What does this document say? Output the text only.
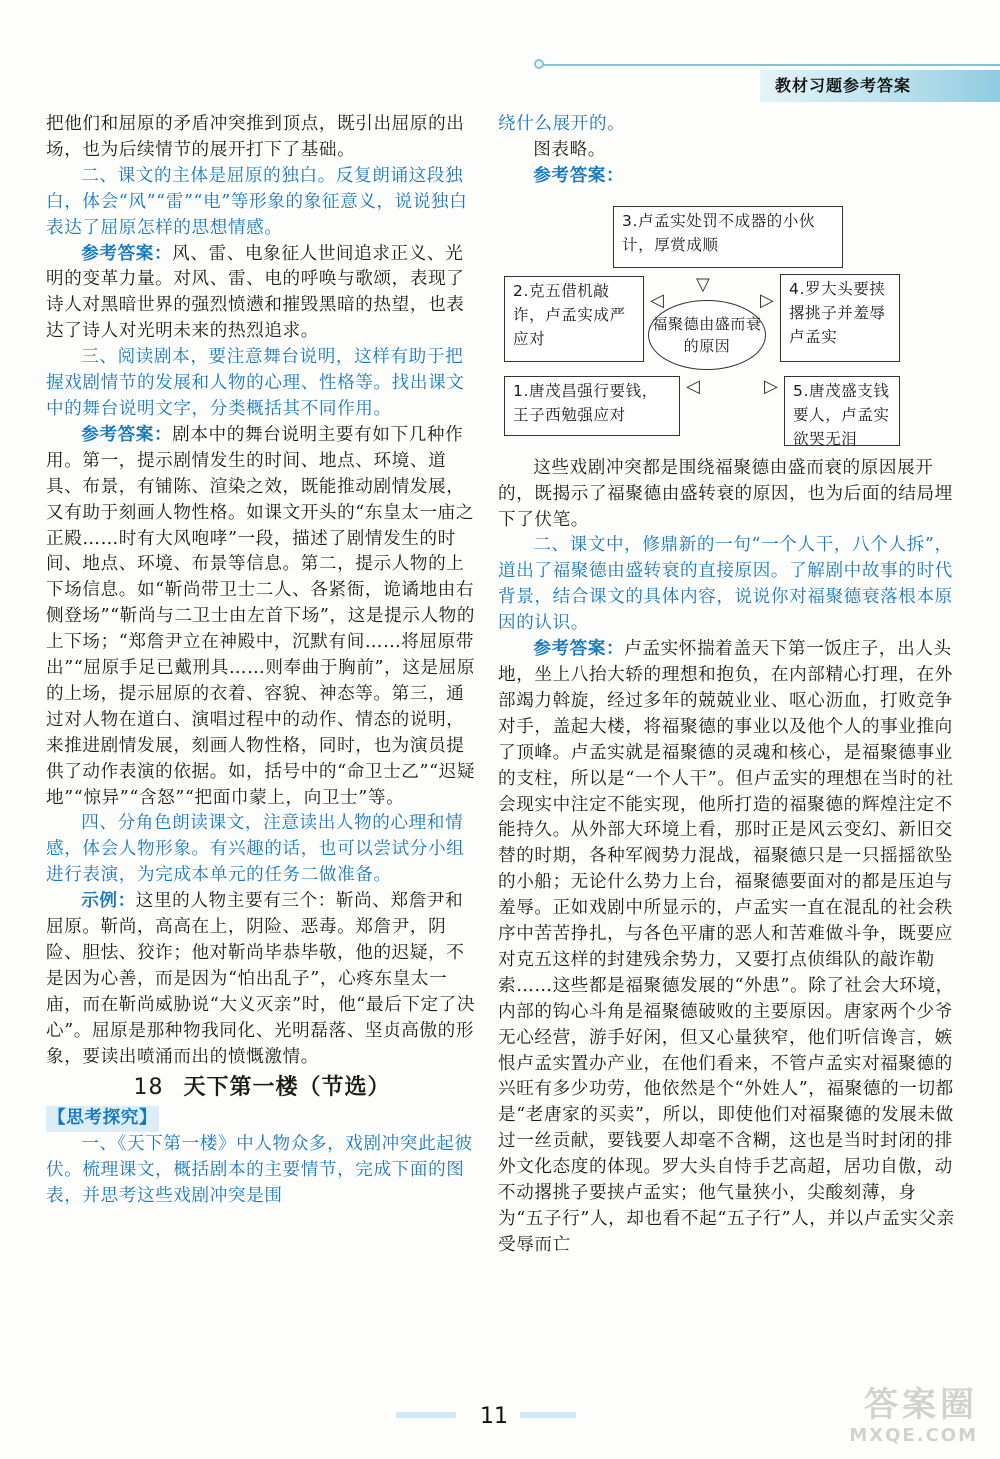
教材习题参考答案

把他们和屈原的矛盾冲突推到顶点，既引出屈原的出场，也为后续情节的展开打下了基础。

二、课文的主体是屈原的独白。反复朗诵这段独白，体会“风”“雷”“电”等形象的象征意义，说说独白表达了屈原怎样的思想情感。

参考答案：风、雷、电象征人世间追求正义、光明的变革力量。对风、雷、电的呼唤与歌颂，表现了诗人对黑暗世界的强烈愤懑和摧毁黑暗的热望，也表达了诗人对光明未来的热烈追求。

三、阅读剧本，要注意舞台说明，这样有助于把握戏剧情节的发展和人物的心理、性格等。找出课文中的舞台说明文字，分类概括其不同作用。

参考答案：剧本中的舞台说明主要有如下几种作用。第一，提示剧情发生的时间、地点、环境、道具、布景，有铺陈、渲染之效，既能推动剧情发展，又有助于刻画人物性格。如课文开头的“东皇太一庙之正殿……时有大风咆哮”一段，描述了剧情发生的时间、地点、环境、布景等信息。第二，提示人物的上下场信息。如“靳尚带卫士二人、各紧衙，诡谲地由右侧登场”“靳尚与二卫士由左首下场”，这是提示人物的上下场；“郑詹尹立在神殿中，沉默有间……将屈原带出”“屈原手足已戴刑具……则奉曲于胸前”，这是屈原的上场，提示屈原的衣着、容貌、神态等。第三，通过对人物在道白、演唱过程中的动作、情态的说明，来推进剧情发展，刻画人物性格，同时，也为演员提供了动作表演的依据。如，括号中的“命卫士乙”“迟疑地”“惊异”“含怒”“把面巾蒙上，向卫士”等。

四、分角色朗读课文，注意读出人物的心理和情感，体会人物形象。有兴趣的话，也可以尝试分小组进行表演，为完成本单元的任务二做准备。

示例：这里的人物主要有三个：靳尚、郑詹尹和屈原。靳尚，高高在上，阴险、恶毒。郑詹尹，阴险、胆怯、狡诈；他对靳尚毕恭毕敬，他的迟疑，不是因为心善，而是因为“怕出乱子”，心疼东皇太一庙，而在靳尚威胁说“大义灭亲”时，他“最后下定了决心”。屈原是那种物我同化、光明磊落、坚贞高傲的形象，要读出喷涌而出的愤慨激情。

18 天下第一楼（节选）

【思考探究】

一、《天下第一楼》中人物众多，戏剧冲突此起彼伏。梳理课文，概括剧本的主要情节，完成下面的图表，并思考这些戏剧冲突是围

绕什么展开的。

图表略。

参考答案：

3.卢孟实处罚不成器的小伙计，厚赏成顺
2.克五借机敲诈，卢孟实成严应对
4.罗大头要挟撂挑子并羞辱卢孟实
福聚德由盛而衰的原因
1.唐茂昌强行要钱，王子西勉强应对
5.唐茂盛支钱要人，卢孟实欲哭无泪
▽
◁	▷
◁	▷

这些戏剧冲突都是围绕福聚德由盛而衰的原因展开的，既揭示了福聚德由盛转衰的原因，也为后面的结局埋下了伏笔。

二、课文中，修鼎新的一句“一个人干，八个人拆”，道出了福聚德由盛转衰的直接原因。了解剧中故事的时代背景，结合课文的具体内容，说说你对福聚德衰落根本原因的认识。

参考答案：卢孟实怀揣着盖天下第一饭庄子，出人头地，坐上八抬大轿的理想和抱负，在内部精心打理，在外部竭力斡旋，经过多年的兢兢业业、呕心沥血，打败竞争对手，盖起大楼，将福聚德的事业以及他个人的事业推向了顶峰。卢孟实就是福聚德的灵魂和核心，是福聚德事业的支柱，所以是“一个人干”。但卢孟实的理想在当时的社会现实中注定不能实现，他所打造的福聚德的辉煌注定不能持久。从外部大环境上看，那时正是风云变幻、新旧交替的时期，各种军阀势力混战，福聚德只是一只摇摇欲坠的小船；无论什么势力上台，福聚德要面对的都是压迫与羞辱。正如戏剧中所显示的，卢孟实一直在混乱的社会秩序中苦苦挣扎，与各色平庸的恶人和苦难做斗争，既要应对克五这样的封建残余势力，又要打点侦缉队的敲诈勒索……这些都是福聚德发展的“外患”。除了社会大环境，内部的钩心斗角是福聚德破败的主要原因。唐家两个少爷无心经营，游手好闲，但又心量狭窄，他们听信谗言，嫉恨卢孟实置办产业，在他们看来，不管卢孟实对福聚德的兴旺有多少功劳，他依然是个“外姓人”，福聚德的一切都是“老唐家的买卖”，所以，即使他们对福聚德的发展未做过一丝贡献，要钱要人却毫不含糊，这也是当时封闭的排外文化态度的体现。罗大头自恃手艺高超，居功自傲，动不动撂挑子要挟卢孟实；他气量狭小，尖酸刻薄，身为“五子行”人，却也看不起“五子行”人，并以卢孟实父亲受辱而亡

11	答案圈
MXQE.COM
